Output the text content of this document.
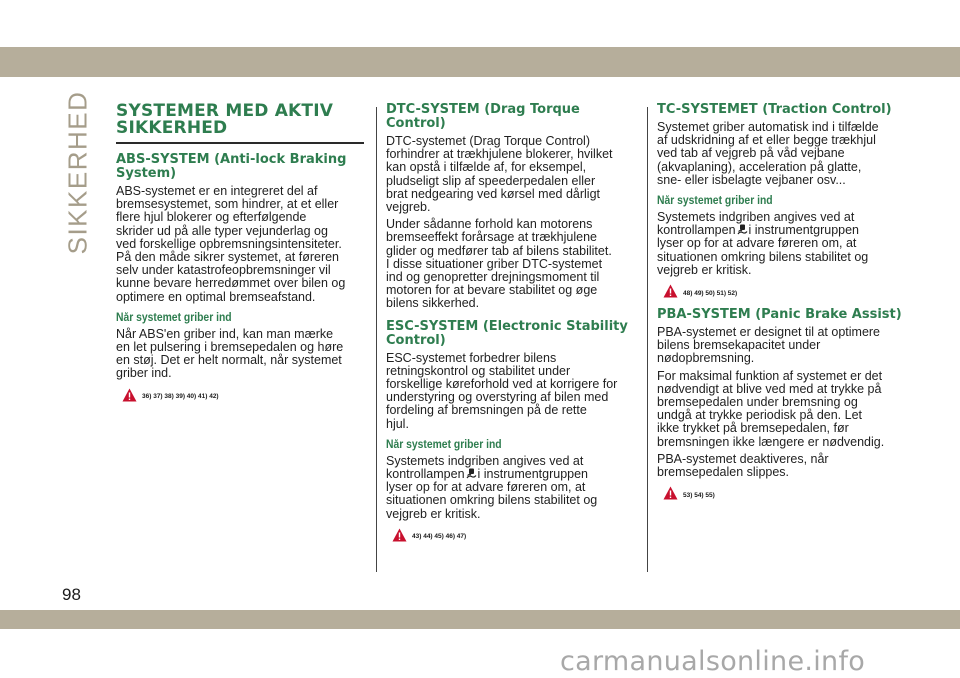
SIKKERHED SYSTEMER MED AKTIV
SIKKERHED
ABS-SYSTEM (Anti-lock Braking
System)

ABS-systemet er en integreret del af
bremsesystemet, som hindrer, at et eller
flere hjul blokerer og efterfølgende
skrider ud på alle typer vejunderlag og
ved forskellige opbremsningsintensiteter.
På den måde sikrer systemet, at føreren
selv under katastrofeopbremsninger vil
kunne bevare herredømmet over bilen og
optimere en optimal bremseafstand.

Når systemet griber ind

Når ABS'en griber ind, kan man mærke
en let pulsering i bremsepedalen og høre
en støj. Det er helt normalt, når systemet
griber ind.

36) 37) 38) 39) 40) 41) 42)
DTC-SYSTEM (Drag Torque
Control)

DTC-systemet (Drag Torque Control)
forhindrer at trækhjulene blokerer, hvilket
kan opstå i tilfælde af, for eksempel,
pludseligt slip af speederpedalen eller
brat nedgearing ved kørsel med dårligt
vejgreb.

Under sådanne forhold kan motorens
bremseeffekt forårsage at trækhjulene
glider og medfører tab af bilens stabilitet.
I disse situationer griber DTC-systemet
ind og genopretter drejningsmoment til
motoren for at bevare stabilitet og øge
bilens sikkerhed.

ESC-SYSTEM (Electronic Stability
Control)

ESC-systemet forbedrer bilens
retningskontrol og stabilitet under
forskellige køreforhold ved at korrigere for
understyring og overstyring af bilen med
fordeling af bremsningen på de rette
hjul.

Når systemet griber ind

Systemets indgriben angives ved at
kontrollampen i instrumentgruppen
lyser op for at advare føreren om, at
situationen omkring bilens stabilitet og
vejgreb er kritisk.

43) 44) 45) 46) 47)
TC-SYSTEMET (Traction Control)

Systemet griber automatisk ind i tilfælde
af udskridning af et eller begge trækhjul
ved tab af vejgreb på våd vejbane
(akvaplaning), acceleration på glatte,
sne- eller isbelagte vejbaner osv...

Når systemet griber ind

Systemets indgriben angives ved at
kontrollampen i instrumentgruppen
lyser op for at advare føreren om, at
situationen omkring bilens stabilitet og
vejgreb er kritisk.

48) 49) 50) 51) 52)
PBA-SYSTEM (Panic Brake Assist)

PBA-systemet er designet til at optimere
bilens bremsekapacitet under
nødopbremsning.

For maksimal funktion af systemet er det
nødvendigt at blive ved med at trykke på
bremsepedalen under bremsning og
undgå at trykke periodisk på den. Let
ikke trykket på bremsepedalen, før
bremsningen ikke længere er nødvendig.

PBA-systemet deaktiveres, når
bremsepedalen slippes.

53) 54) 55)
98
carmanualsonline.info
